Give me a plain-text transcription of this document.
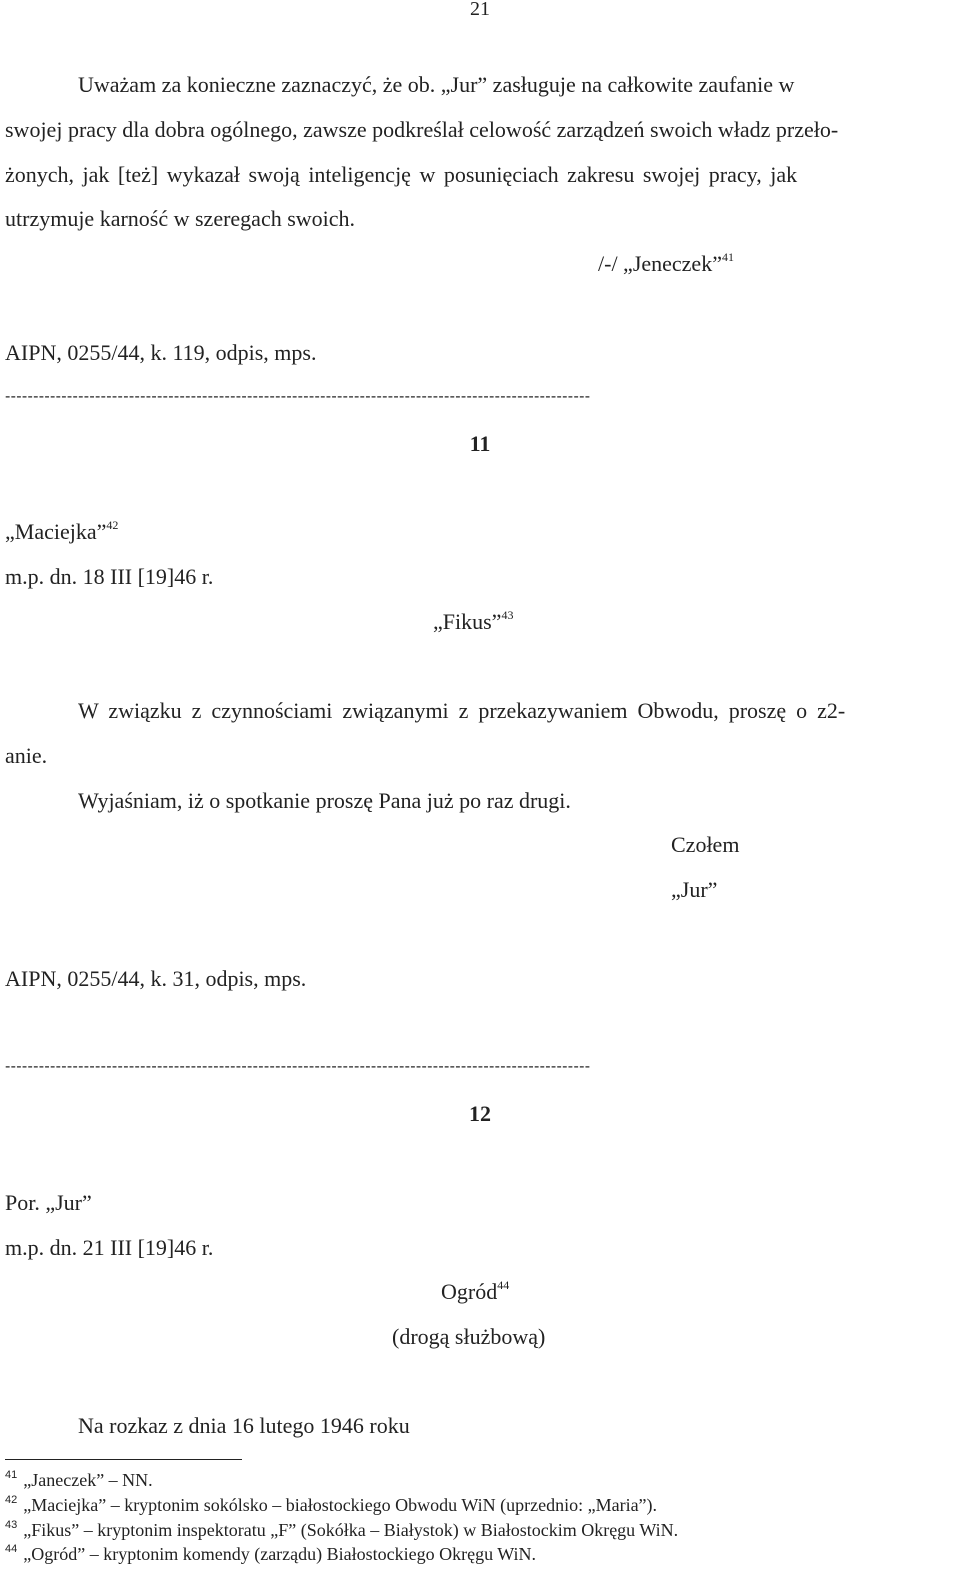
21
Uważam za konieczne zaznaczyć, że ob. „Jur” zasługuje na całkowite zaufanie w
swojej pracy dla dobra ogólnego, zawsze podkreślał celowość zarządzeń swoich władz przeło-
żonych, jak [też] wykazał swoją inteligencję w posunięciach zakresu swojej pracy, jak
utrzymuje karność w szeregach swoich.
/-/ „Jeneczek”$^{41}$
AIPN, 0255/44, k. 119, odpis, mps.
--------------------------------------------------------------------------------------------------------
11
„Maciejka”$^{42}$
m.p. dn. 18 III [19]46 r.
„Fikus”$^{43}$
W związku z czynnościami związanymi z przekazywaniem Obwodu, proszę o z2-
anie.
Wyjaśniam, iż o spotkanie proszę Pana już po raz drugi.
Czołem
„Jur”
AIPN, 0255/44, k. 31, odpis, mps.
--------------------------------------------------------------------------------------------------------
12
Por. „Jur”
m.p. dn. 21 III [19]46 r.
Ogród$^{44}$
(drogą służbową)
Na rozkaz z dnia 16 lutego 1946 roku
$^{41}$ „Janeczek” – NN.
$^{42}$ „Maciejka” – kryptonim sokólsko – białostockiego Obwodu WiN (uprzednio: „Maria”).
$^{43}$ „Fikus” – kryptonim inspektoratu „F” (Sokółka – Białystok) w Białostockim Okręgu WiN.
$^{44}$ „Ogród” – kryptonim komendy (zarządu) Białostockiego Okręgu WiN.
